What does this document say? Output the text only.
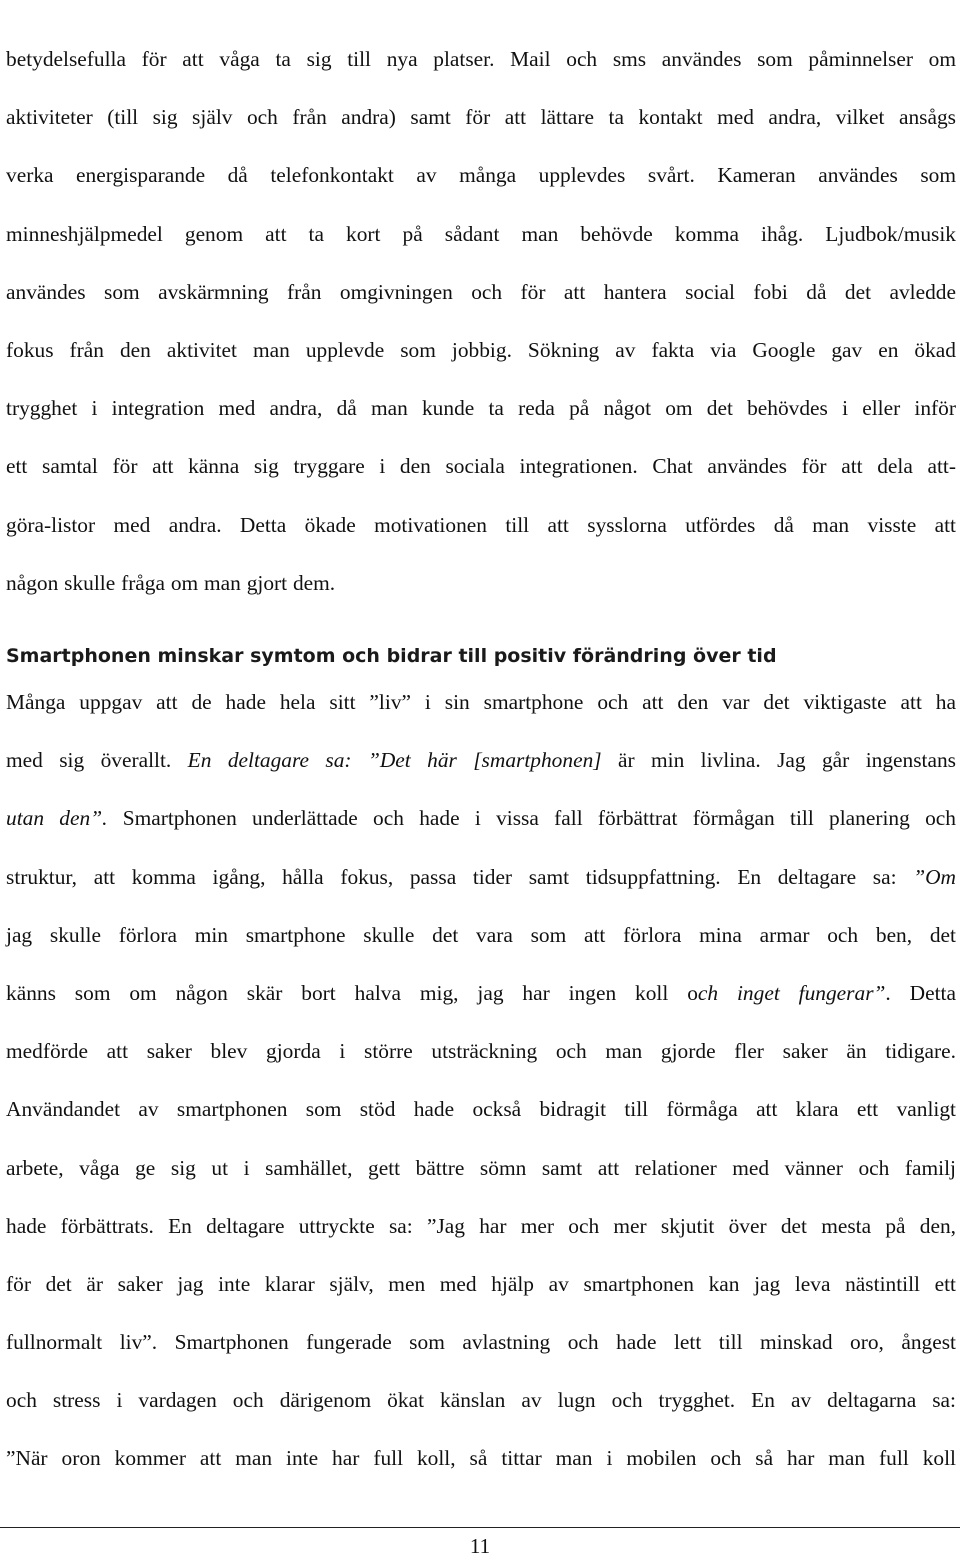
betydelsefulla för att våga ta sig till nya platser. Mail och sms användes som påminnelser om
aktiviteter (till sig själv och från andra) samt för att lättare ta kontakt med andra, vilket ansågs
verka energisparande då telefonkontakt av många upplevdes svårt. Kameran användes som
minneshjälpmedel genom att ta kort på sådant man behövde komma ihåg. Ljudbok/musik
användes som avskärmning från omgivningen och för att hantera social fobi då det avledde
fokus från den aktivitet man upplevde som jobbig. Sökning av fakta via Google gav en ökad
trygghet i integration med andra, då man kunde ta reda på något om det behövdes i eller inför
ett samtal för att känna sig tryggare i den sociala integrationen. Chat användes för att dela att-
göra-listor med andra. Detta ökade motivationen till att sysslorna utfördes då man visste att
någon skulle fråga om man gjort dem.
Smartphonen minskar symtom och bidrar till positiv förändring över tid
Många uppgav att de hade hela sitt ”liv” i sin smartphone och att den var det viktigaste att ha
med sig överallt. En deltagare sa: ”Det här [smartphonen] är min livlina. Jag går ingenstans
utan den”. Smartphonen underlättade och hade i vissa fall förbättrat förmågan till planering och
struktur, att komma igång, hålla fokus, passa tider samt tidsuppfattning. En deltagare sa: ”Om
jag skulle förlora min smartphone skulle det vara som att förlora mina armar och ben, det
känns som om någon skär bort halva mig, jag har ingen koll och inget fungerar”. Detta
medförde att saker blev gjorda i större utsträckning och man gjorde fler saker än tidigare.
Användandet av smartphonen som stöd hade också bidragit till förmåga att klara ett vanligt
arbete, våga ge sig ut i samhället, gett bättre sömn samt att relationer med vänner och familj
hade förbättrats. En deltagare uttryckte sa: ”Jag har mer och mer skjutit över det mesta på den,
för det är saker jag inte klarar själv, men med hjälp av smartphonen kan jag leva nästintill ett
fullnormalt liv”. Smartphonen fungerade som avlastning och hade lett till minskad oro, ångest
och stress i vardagen och därigenom ökat känslan av lugn och trygghet. En av deltagarna sa:
”När oron kommer att man inte har full koll, så tittar man i mobilen och så har man full koll
11
